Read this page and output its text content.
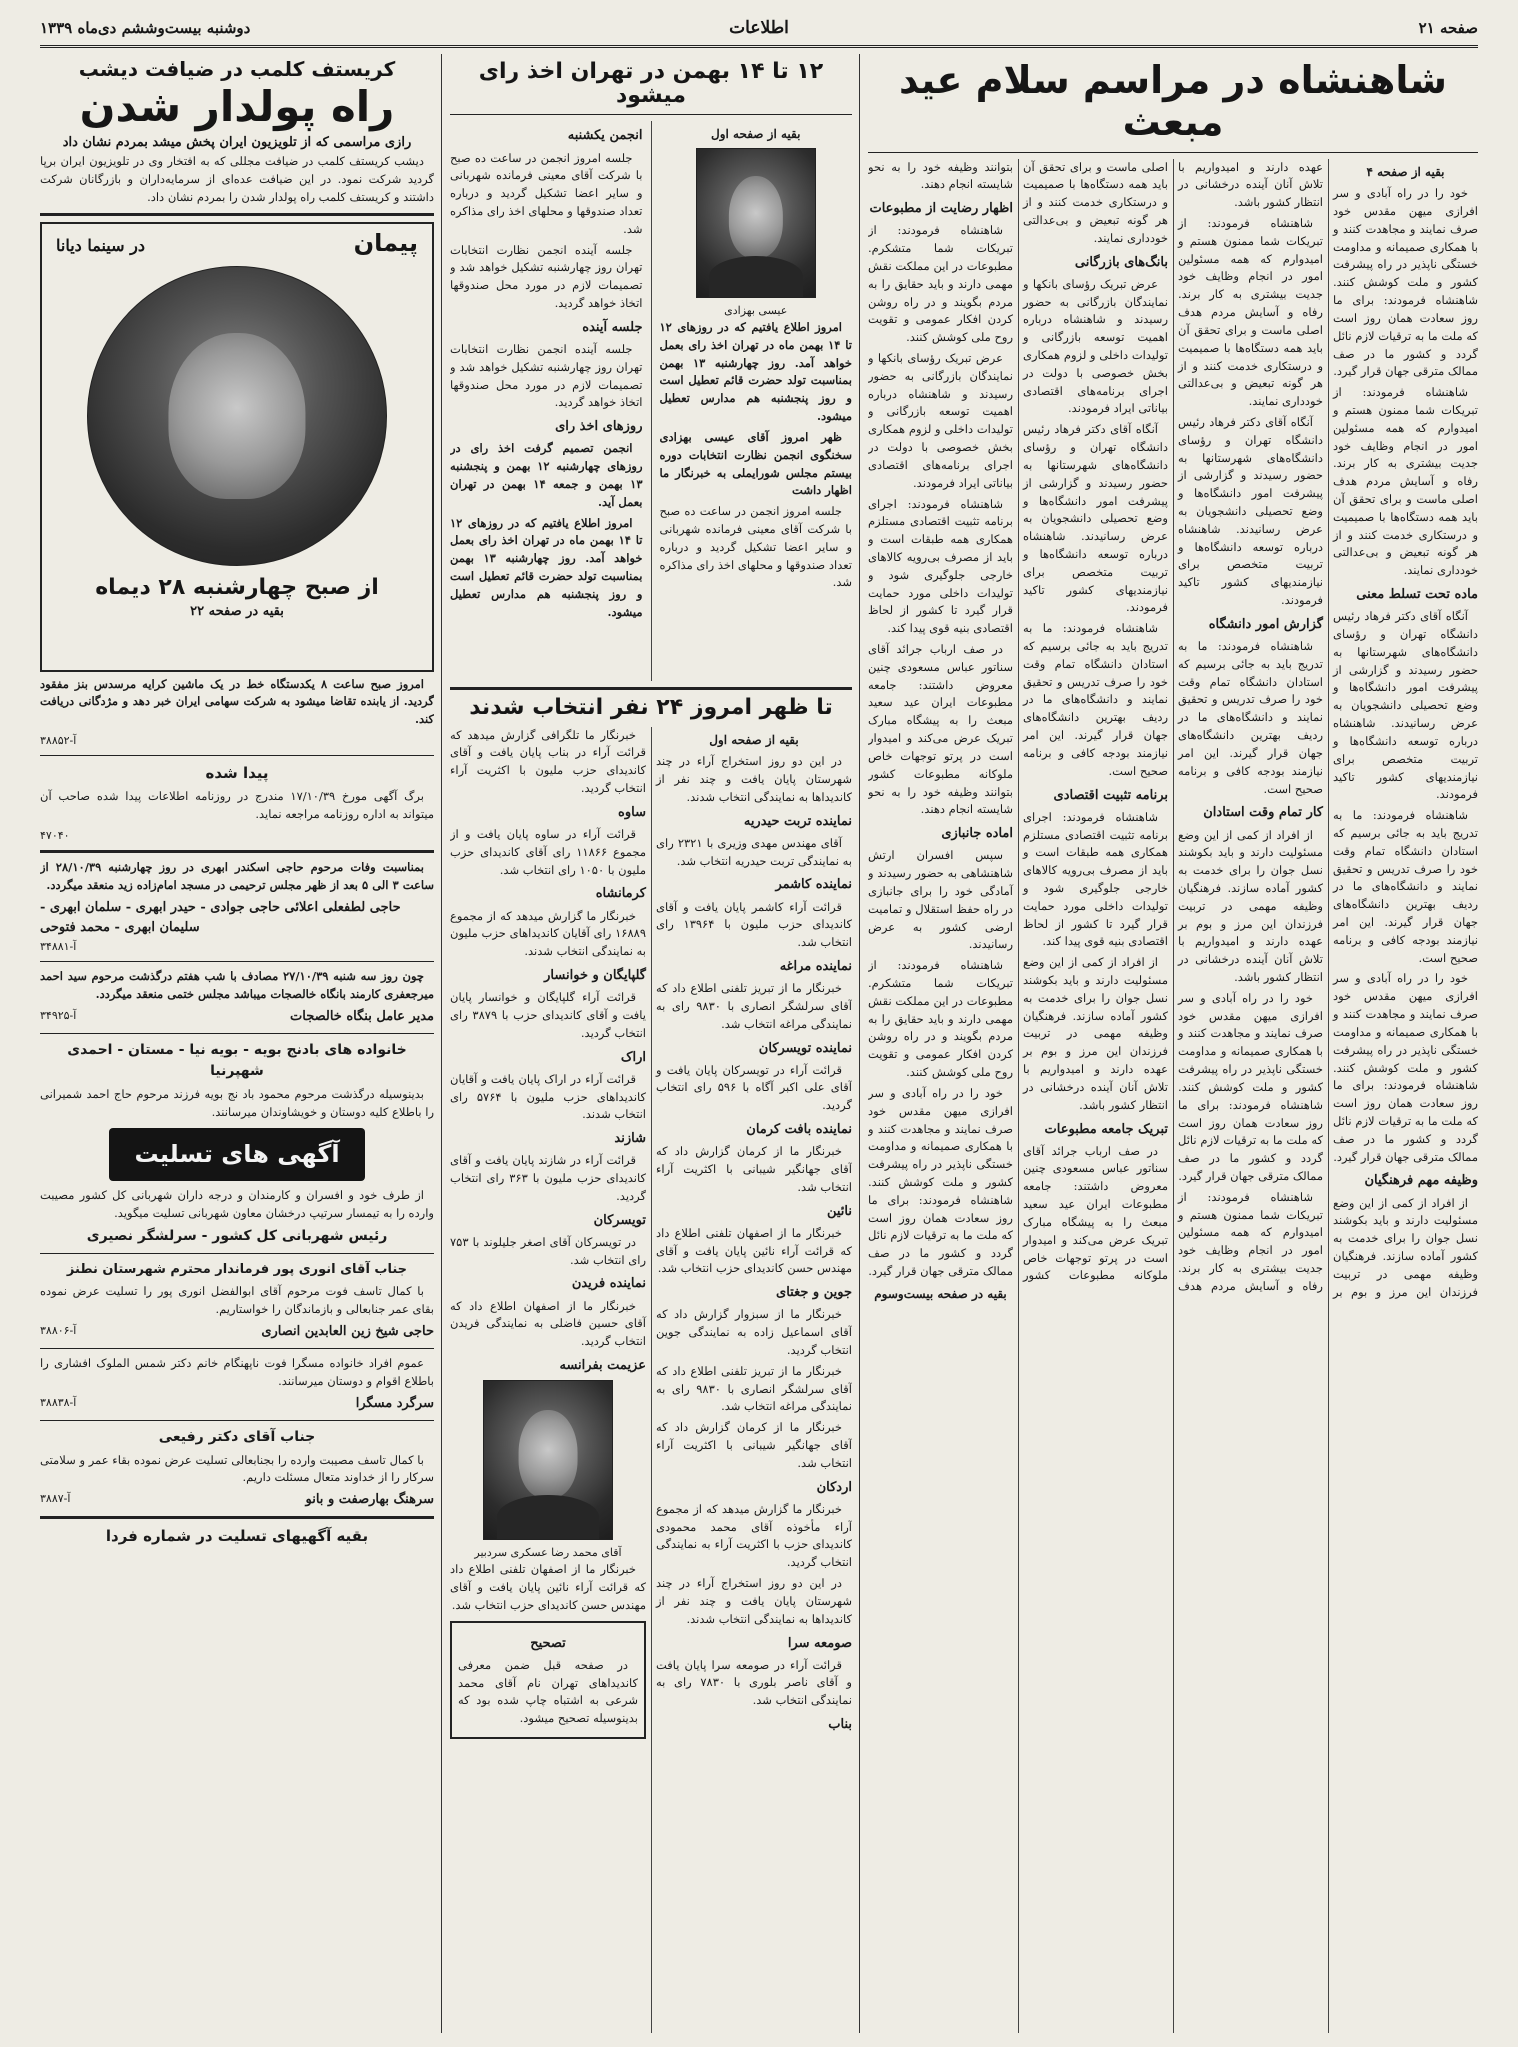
صفحه ۲۱
اطلاعات
دوشنبه بیست‌وششم دی‌ماه ۱۳۳۹
شاهنشاه در مراسم سلام عید مبعث
بقیه از صفحه ۴

خود را در راه آبادی و سر افرازی میهن مقدس خود صرف نمایند و مجاهدت کنند و با همکاری صمیمانه و مداومت خستگی ناپذیر در راه پیشرفت کشور و ملت کوشش کنند. شاهنشاه فرمودند: برای ما روز سعادت همان روز است که ملت ما به ترقیات لازم نائل گردد و کشور ما در صف ممالک مترقی جهان قرار گیرد.

شاهنشاه فرمودند: از تبریکات شما ممنون هستم و امیدوارم که همه مسئولین امور در انجام وظایف خود جدیت بیشتری به کار برند. رفاه و آسایش مردم هدف اصلی ماست و برای تحقق آن باید همه دستگاه‌ها با صمیمیت و درستکاری خدمت کنند و از هر گونه تبعیض و بی‌عدالتی خودداری نمایند.

ماده تحت تسلط معنی

آنگاه آقای دکتر فرهاد رئیس دانشگاه تهران و رؤسای دانشگاه‌های شهرستانها به حضور رسیدند و گزارشی از پیشرفت امور دانشگاه‌ها و وضع تحصیلی دانشجویان به عرض رسانیدند. شاهنشاه درباره توسعه دانشگاه‌ها و تربیت متخصص برای نیازمندیهای کشور تاکید فرمودند.

شاهنشاه فرمودند: ما به تدریج باید به جائی برسیم که استادان دانشگاه تمام وقت خود را صرف تدریس و تحقیق نمایند و دانشگاه‌های ما در ردیف بهترین دانشگاه‌های جهان قرار گیرند. این امر نیازمند بودجه کافی و برنامه صحیح است.

خود را در راه آبادی و سر افرازی میهن مقدس خود صرف نمایند و مجاهدت کنند و با همکاری صمیمانه و مداومت خستگی ناپذیر در راه پیشرفت کشور و ملت کوشش کنند. شاهنشاه فرمودند: برای ما روز سعادت همان روز است که ملت ما به ترقیات لازم نائل گردد و کشور ما در صف ممالک مترقی جهان قرار گیرد.

وظیفه مهم فرهنگیان

از افراد از کمی از این وضع مسئولیت دارند و باید بکوشند نسل جوان را برای خدمت به کشور آماده سازند. فرهنگیان وظیفه مهمی در تربیت فرزندان این مرز و بوم بر عهده دارند و امیدواریم با تلاش آنان آینده درخشانی در انتظار کشور باشد.

شاهنشاه فرمودند: از تبریکات شما ممنون هستم و امیدوارم که همه مسئولین امور در انجام وظایف خود جدیت بیشتری به کار برند. رفاه و آسایش مردم هدف اصلی ماست و برای تحقق آن باید همه دستگاه‌ها با صمیمیت و درستکاری خدمت کنند و از هر گونه تبعیض و بی‌عدالتی خودداری نمایند.

آنگاه آقای دکتر فرهاد رئیس دانشگاه تهران و رؤسای دانشگاه‌های شهرستانها به حضور رسیدند و گزارشی از پیشرفت امور دانشگاه‌ها و وضع تحصیلی دانشجویان به عرض رسانیدند. شاهنشاه درباره توسعه دانشگاه‌ها و تربیت متخصص برای نیازمندیهای کشور تاکید فرمودند.

گزارش امور دانشگاه

شاهنشاه فرمودند: ما به تدریج باید به جائی برسیم که استادان دانشگاه تمام وقت خود را صرف تدریس و تحقیق نمایند و دانشگاه‌های ما در ردیف بهترین دانشگاه‌های جهان قرار گیرند. این امر نیازمند بودجه کافی و برنامه صحیح است.

کار تمام وقت استادان

از افراد از کمی از این وضع مسئولیت دارند و باید بکوشند نسل جوان را برای خدمت به کشور آماده سازند. فرهنگیان وظیفه مهمی در تربیت فرزندان این مرز و بوم بر عهده دارند و امیدواریم با تلاش آنان آینده درخشانی در انتظار کشور باشد.

خود را در راه آبادی و سر افرازی میهن مقدس خود صرف نمایند و مجاهدت کنند و با همکاری صمیمانه و مداومت خستگی ناپذیر در راه پیشرفت کشور و ملت کوشش کنند. شاهنشاه فرمودند: برای ما روز سعادت همان روز است که ملت ما به ترقیات لازم نائل گردد و کشور ما در صف ممالک مترقی جهان قرار گیرد.

شاهنشاه فرمودند: از تبریکات شما ممنون هستم و امیدوارم که همه مسئولین امور در انجام وظایف خود جدیت بیشتری به کار برند. رفاه و آسایش مردم هدف اصلی ماست و برای تحقق آن باید همه دستگاه‌ها با صمیمیت و درستکاری خدمت کنند و از هر گونه تبعیض و بی‌عدالتی خودداری نمایند.

بانگ‌های بازرگانی

عرض تبریک رؤسای بانکها و نمایندگان بازرگانی به حضور رسیدند و شاهنشاه درباره اهمیت توسعه بازرگانی و تولیدات داخلی و لزوم همکاری بخش خصوصی با دولت در اجرای برنامه‌های اقتصادی بیاناتی ایراد فرمودند.

آنگاه آقای دکتر فرهاد رئیس دانشگاه تهران و رؤسای دانشگاه‌های شهرستانها به حضور رسیدند و گزارشی از پیشرفت امور دانشگاه‌ها و وضع تحصیلی دانشجویان به عرض رسانیدند. شاهنشاه درباره توسعه دانشگاه‌ها و تربیت متخصص برای نیازمندیهای کشور تاکید فرمودند.

شاهنشاه فرمودند: ما به تدریج باید به جائی برسیم که استادان دانشگاه تمام وقت خود را صرف تدریس و تحقیق نمایند و دانشگاه‌های ما در ردیف بهترین دانشگاه‌های جهان قرار گیرند. این امر نیازمند بودجه کافی و برنامه صحیح است.

برنامه تثبیت اقتصادی

شاهنشاه فرمودند: اجرای برنامه تثبیت اقتصادی مستلزم همکاری همه طبقات است و باید از مصرف بی‌رویه کالاهای خارجی جلوگیری شود و تولیدات داخلی مورد حمایت قرار گیرد تا کشور از لحاظ اقتصادی بنیه قوی پیدا کند.

از افراد از کمی از این وضع مسئولیت دارند و باید بکوشند نسل جوان را برای خدمت به کشور آماده سازند. فرهنگیان وظیفه مهمی در تربیت فرزندان این مرز و بوم بر عهده دارند و امیدواریم با تلاش آنان آینده درخشانی در انتظار کشور باشد.

تبریک جامعه مطبوعات

در صف ارباب جرائد آقای سناتور عباس مسعودی چنین معروض داشتند: جامعه مطبوعات ایران عید سعید مبعث را به پیشگاه مبارک تبریک عرض می‌کند و امیدوار است در پرتو توجهات خاص ملوکانه مطبوعات کشور بتوانند وظیفه خود را به نحو شایسته انجام دهند.

اظهار رضایت از مطبوعات

شاهنشاه فرمودند: از تبریکات شما متشکرم. مطبوعات در این مملکت نقش مهمی دارند و باید حقایق را به مردم بگویند و در راه روشن کردن افکار عمومی و تقویت روح ملی کوشش کنند.

عرض تبریک رؤسای بانکها و نمایندگان بازرگانی به حضور رسیدند و شاهنشاه درباره اهمیت توسعه بازرگانی و تولیدات داخلی و لزوم همکاری بخش خصوصی با دولت در اجرای برنامه‌های اقتصادی بیاناتی ایراد فرمودند.

شاهنشاه فرمودند: اجرای برنامه تثبیت اقتصادی مستلزم همکاری همه طبقات است و باید از مصرف بی‌رویه کالاهای خارجی جلوگیری شود و تولیدات داخلی مورد حمایت قرار گیرد تا کشور از لحاظ اقتصادی بنیه قوی پیدا کند.

در صف ارباب جرائد آقای سناتور عباس مسعودی چنین معروض داشتند: جامعه مطبوعات ایران عید سعید مبعث را به پیشگاه مبارک تبریک عرض می‌کند و امیدوار است در پرتو توجهات خاص ملوکانه مطبوعات کشور بتوانند وظیفه خود را به نحو شایسته انجام دهند.

اماده جانبازی

سپس افسران ارتش شاهنشاهی به حضور رسیدند و آمادگی خود را برای جانبازی در راه حفظ استقلال و تمامیت ارضی کشور به عرض رسانیدند.

شاهنشاه فرمودند: از تبریکات شما متشکرم. مطبوعات در این مملکت نقش مهمی دارند و باید حقایق را به مردم بگویند و در راه روشن کردن افکار عمومی و تقویت روح ملی کوشش کنند.

خود را در راه آبادی و سر افرازی میهن مقدس خود صرف نمایند و مجاهدت کنند و با همکاری صمیمانه و مداومت خستگی ناپذیر در راه پیشرفت کشور و ملت کوشش کنند. شاهنشاه فرمودند: برای ما روز سعادت همان روز است که ملت ما به ترقیات لازم نائل گردد و کشور ما در صف ممالک مترقی جهان قرار گیرد.

بقیه در صفحه بیست‌وسوم
۱۲ تا ۱۴ بهمن در تهران اخذ رای میشود
بقیه از صفحه اول
عیسی بهزادی

امروز اطلاع یافتیم که در روزهای ۱۲ تا ۱۴ بهمن ماه در تهران اخذ رای بعمل خواهد آمد. روز چهارشنبه ۱۳ بهمن بمناسبت تولد حضرت قائم تعطیل است و روز پنجشنبه هم مدارس تعطیل میشود.

ظهر امروز آقای عیسی بهزادی سخنگوی انجمن نظارت انتخابات دوره بیستم مجلس شورایملی به خبرنگار ما اظهار داشت

جلسه امروز انجمن در ساعت ده صبح با شرکت آقای معینی فرمانده شهربانی و سایر اعضا تشکیل گردید و درباره تعداد صندوقها و محلهای اخذ رای مذاکره شد.

انجمن یکشنبه

جلسه امروز انجمن در ساعت ده صبح با شرکت آقای معینی فرمانده شهربانی و سایر اعضا تشکیل گردید و درباره تعداد صندوقها و محلهای اخذ رای مذاکره شد.

جلسه آینده انجمن نظارت انتخابات تهران روز چهارشنبه تشکیل خواهد شد و تصمیمات لازم در مورد محل صندوقها اتخاذ خواهد گردید.

جلسه آینده

جلسه آینده انجمن نظارت انتخابات تهران روز چهارشنبه تشکیل خواهد شد و تصمیمات لازم در مورد محل صندوقها اتخاذ خواهد گردید.

روزهای اخذ رای

انجمن تصمیم گرفت اخذ رای در روزهای چهارشنبه ۱۲ بهمن و پنجشنبه ۱۳ بهمن و جمعه ۱۴ بهمن در تهران بعمل آید.

امروز اطلاع یافتیم که در روزهای ۱۲ تا ۱۴ بهمن ماه در تهران اخذ رای بعمل خواهد آمد. روز چهارشنبه ۱۳ بهمن بمناسبت تولد حضرت قائم تعطیل است و روز پنجشنبه هم مدارس تعطیل میشود.

تا ظهر امروز ۲۴ نفر انتخاب شدند
بقیه از صفحه اول

در این دو روز استخراج آراء در چند شهرستان پایان یافت و چند نفر از کاندیداها به نمایندگی انتخاب شدند.

نماینده تربت حیدریه

آقای مهندس مهدی وزیری با ۲۳۲۱ رای به نمایندگی تربت حیدریه انتخاب شد.

نماینده کاشمر

قرائت آراء کاشمر پایان یافت و آقای کاندیدای حزب ملیون با ۱۳۹۶۴ رای انتخاب شد.

نماینده مراغه

خبرنگار ما از تبریز تلفنی اطلاع داد که آقای سرلشگر انصاری با ۹۸۳۰ رای به نمایندگی مراغه انتخاب شد.

نماینده تویسرکان

قرائت آراء در تویسرکان پایان یافت و آقای علی اکبر آگاه با ۵۹۶ رای انتخاب گردید.

نماینده بافت کرمان

خبرنگار ما از کرمان گزارش داد که آقای جهانگیر شیبانی با اکثریت آراء انتخاب شد.

نائین

خبرنگار ما از اصفهان تلفنی اطلاع داد که قرائت آراء نائین پایان یافت و آقای مهندس حسن کاندیدای حزب انتخاب شد.

جوین و جغتای

خبرنگار ما از سبزوار گزارش داد که آقای اسماعیل زاده به نمایندگی جوین انتخاب گردید.

خبرنگار ما از تبریز تلفنی اطلاع داد که آقای سرلشگر انصاری با ۹۸۳۰ رای به نمایندگی مراغه انتخاب شد.

خبرنگار ما از کرمان گزارش داد که آقای جهانگیر شیبانی با اکثریت آراء انتخاب شد.

اردکان

خبرنگار ما گزارش میدهد که از مجموع آراء مأخوذه آقای محمد محمودی کاندیدای حزب با اکثریت آراء به نمایندگی انتخاب گردید.

در این دو روز استخراج آراء در چند شهرستان پایان یافت و چند نفر از کاندیداها به نمایندگی انتخاب شدند.

صومعه سرا

قرائت آراء در صومعه سرا پایان یافت و آقای ناصر بلوری با ۷۸۳۰ رای به نمایندگی انتخاب شد.

بناب

خبرنگار ما تلگرافی گزارش میدهد که قرائت آراء در بناب پایان یافت و آقای کاندیدای حزب ملیون با اکثریت آراء انتخاب گردید.

ساوه

قرائت آراء در ساوه پایان یافت و از مجموع ۱۱۸۶۶ رای آقای کاندیدای حزب ملیون با ۱۰۵۰ رای انتخاب شد.

کرمانشاه

خبرنگار ما گزارش میدهد که از مجموع ۱۶۸۸۹ رای آقایان کاندیداهای حزب ملیون به نمایندگی انتخاب شدند.

گلپایگان و خوانسار

قرائت آراء گلپایگان و خوانسار پایان یافت و آقای کاندیدای حزب با ۳۸۷۹ رای انتخاب گردید.

اراک

قرائت آراء در اراک پایان یافت و آقایان کاندیداهای حزب ملیون با ۵۷۶۴ رای انتخاب شدند.

شازند

قرائت آراء در شازند پایان یافت و آقای کاندیدای حزب ملیون با ۳۶۳ رای انتخاب گردید.

تویسرکان

در تویسرکان آقای اصغر جلیلوند با ۷۵۳ رای انتخاب شد.

نماینده فریدن

خبرنگار ما از اصفهان اطلاع داد که آقای حسین فاضلی به نمایندگی فریدن انتخاب گردید.

عزیمت بفرانسه
آقای محمد رضا عسکری سردبیر

خبرنگار ما از اصفهان تلفنی اطلاع داد که قرائت آراء نائین پایان یافت و آقای مهندس حسن کاندیدای حزب انتخاب شد.

تصحیح

در صفحه قبل ضمن معرفی کاندیداهای تهران نام آقای محمد شرعی به اشتباه چاپ شده بود که بدینوسیله تصحیح میشود.

کریستف کلمب در ضیافت دیشب
راه پولدار شدن
رازی مراسمی که از تلویزیون ایران پخش میشد بمردم نشان داد

دیشب کریستف کلمب در ضیافت مجللی که به افتخار وی در تلویزیون ایران برپا گردید شرکت نمود. در این ضیافت عده‌ای از سرمایه‌داران و بازرگانان شرکت داشتند و کریستف کلمب راه پولدار شدن را بمردم نشان داد.

پیمان
در سینما دیانا
از صبح چهارشنبه ۲۸ دیماه
بقیه در صفحه ۲۲

امروز صبح ساعت ۸ یکدستگاه خط در یک ماشین کرایه مرسدس بنز مفقود گردید. از یابنده تقاضا میشود به شرکت سهامی ایران خبر دهد و مژدگانی دریافت کند.

آ-۳۸۸۵۲
پیدا شده

برگ آگهی مورخ ۱۷/۱۰/۳۹ مندرج در روزنامه اطلاعات پیدا شده صاحب آن میتواند به اداره روزنامه مراجعه نماید.

۴۷۰۴۰

بمناسبت وفات مرحوم حاجی اسکندر ابهری در روز چهارشنبه ۲۸/۱۰/۳۹ از ساعت ۳ الی ۵ بعد از ظهر مجلس ترحیمی در مسجد امام‌زاده زید منعقد میگردد.

حاجی لطفعلی اعلائی حاجی جوادی - حیدر ابهری - سلمان ابهری - سلیمان ابهری - محمد فتوحی
آ-۳۴۸۸۱

چون روز سه شنبه ۲۷/۱۰/۳۹ مصادف با شب هفتم درگذشت مرحوم سید احمد میرجعفری کارمند بانگاه خالصجات میباشد مجلس ختمی منعقد میگردد.

مدیر عامل بنگاه خالصجات
آ-۳۴۹۲۵
خانواده های بادنج بویه - بویه نیا - مستان - احمدی شهپرنیا

بدینوسیله درگذشت مرحوم محمود باد نج بویه فرزند مرحوم حاج احمد شمیرانی را باطلاع کلیه دوستان و خویشاوندان میرسانند.

آگهی های تسلیت

از طرف خود و افسران و کارمندان و درجه داران شهربانی کل کشور مصیبت وارده را به تیمسار سرتیپ درخشان معاون شهربانی تسلیت میگوید.

رئیس شهربانی کل کشور - سرلشگر نصیری
جناب آقای انوری پور فرماندار محترم شهرستان نطنز

با کمال تاسف فوت مرحوم آقای ابوالفضل انوری پور را تسلیت عرض نموده بقای عمر جنابعالی و بازماندگان را خواستاریم.

حاجی شیخ زین العابدین انصاری
آ-۳۸۸۰۶

عموم افراد خانواده مسگرا فوت ناپهنگام خانم دکتر شمس الملوک افشاری را باطلاع اقوام و دوستان میرسانند.

سرگرد مسگرا
آ-۳۸۸۳۸
جناب آقای دکتر رفیعی

با کمال تاسف مصیبت وارده را بجنابعالی تسلیت عرض نموده بقاء عمر و سلامتی سرکار را از خداوند متعال مسئلت داریم.

سرهنگ بهارصفت و بانو
آ-۳۸۸۷
بقیه آگهیهای تسلیت در شماره فردا
